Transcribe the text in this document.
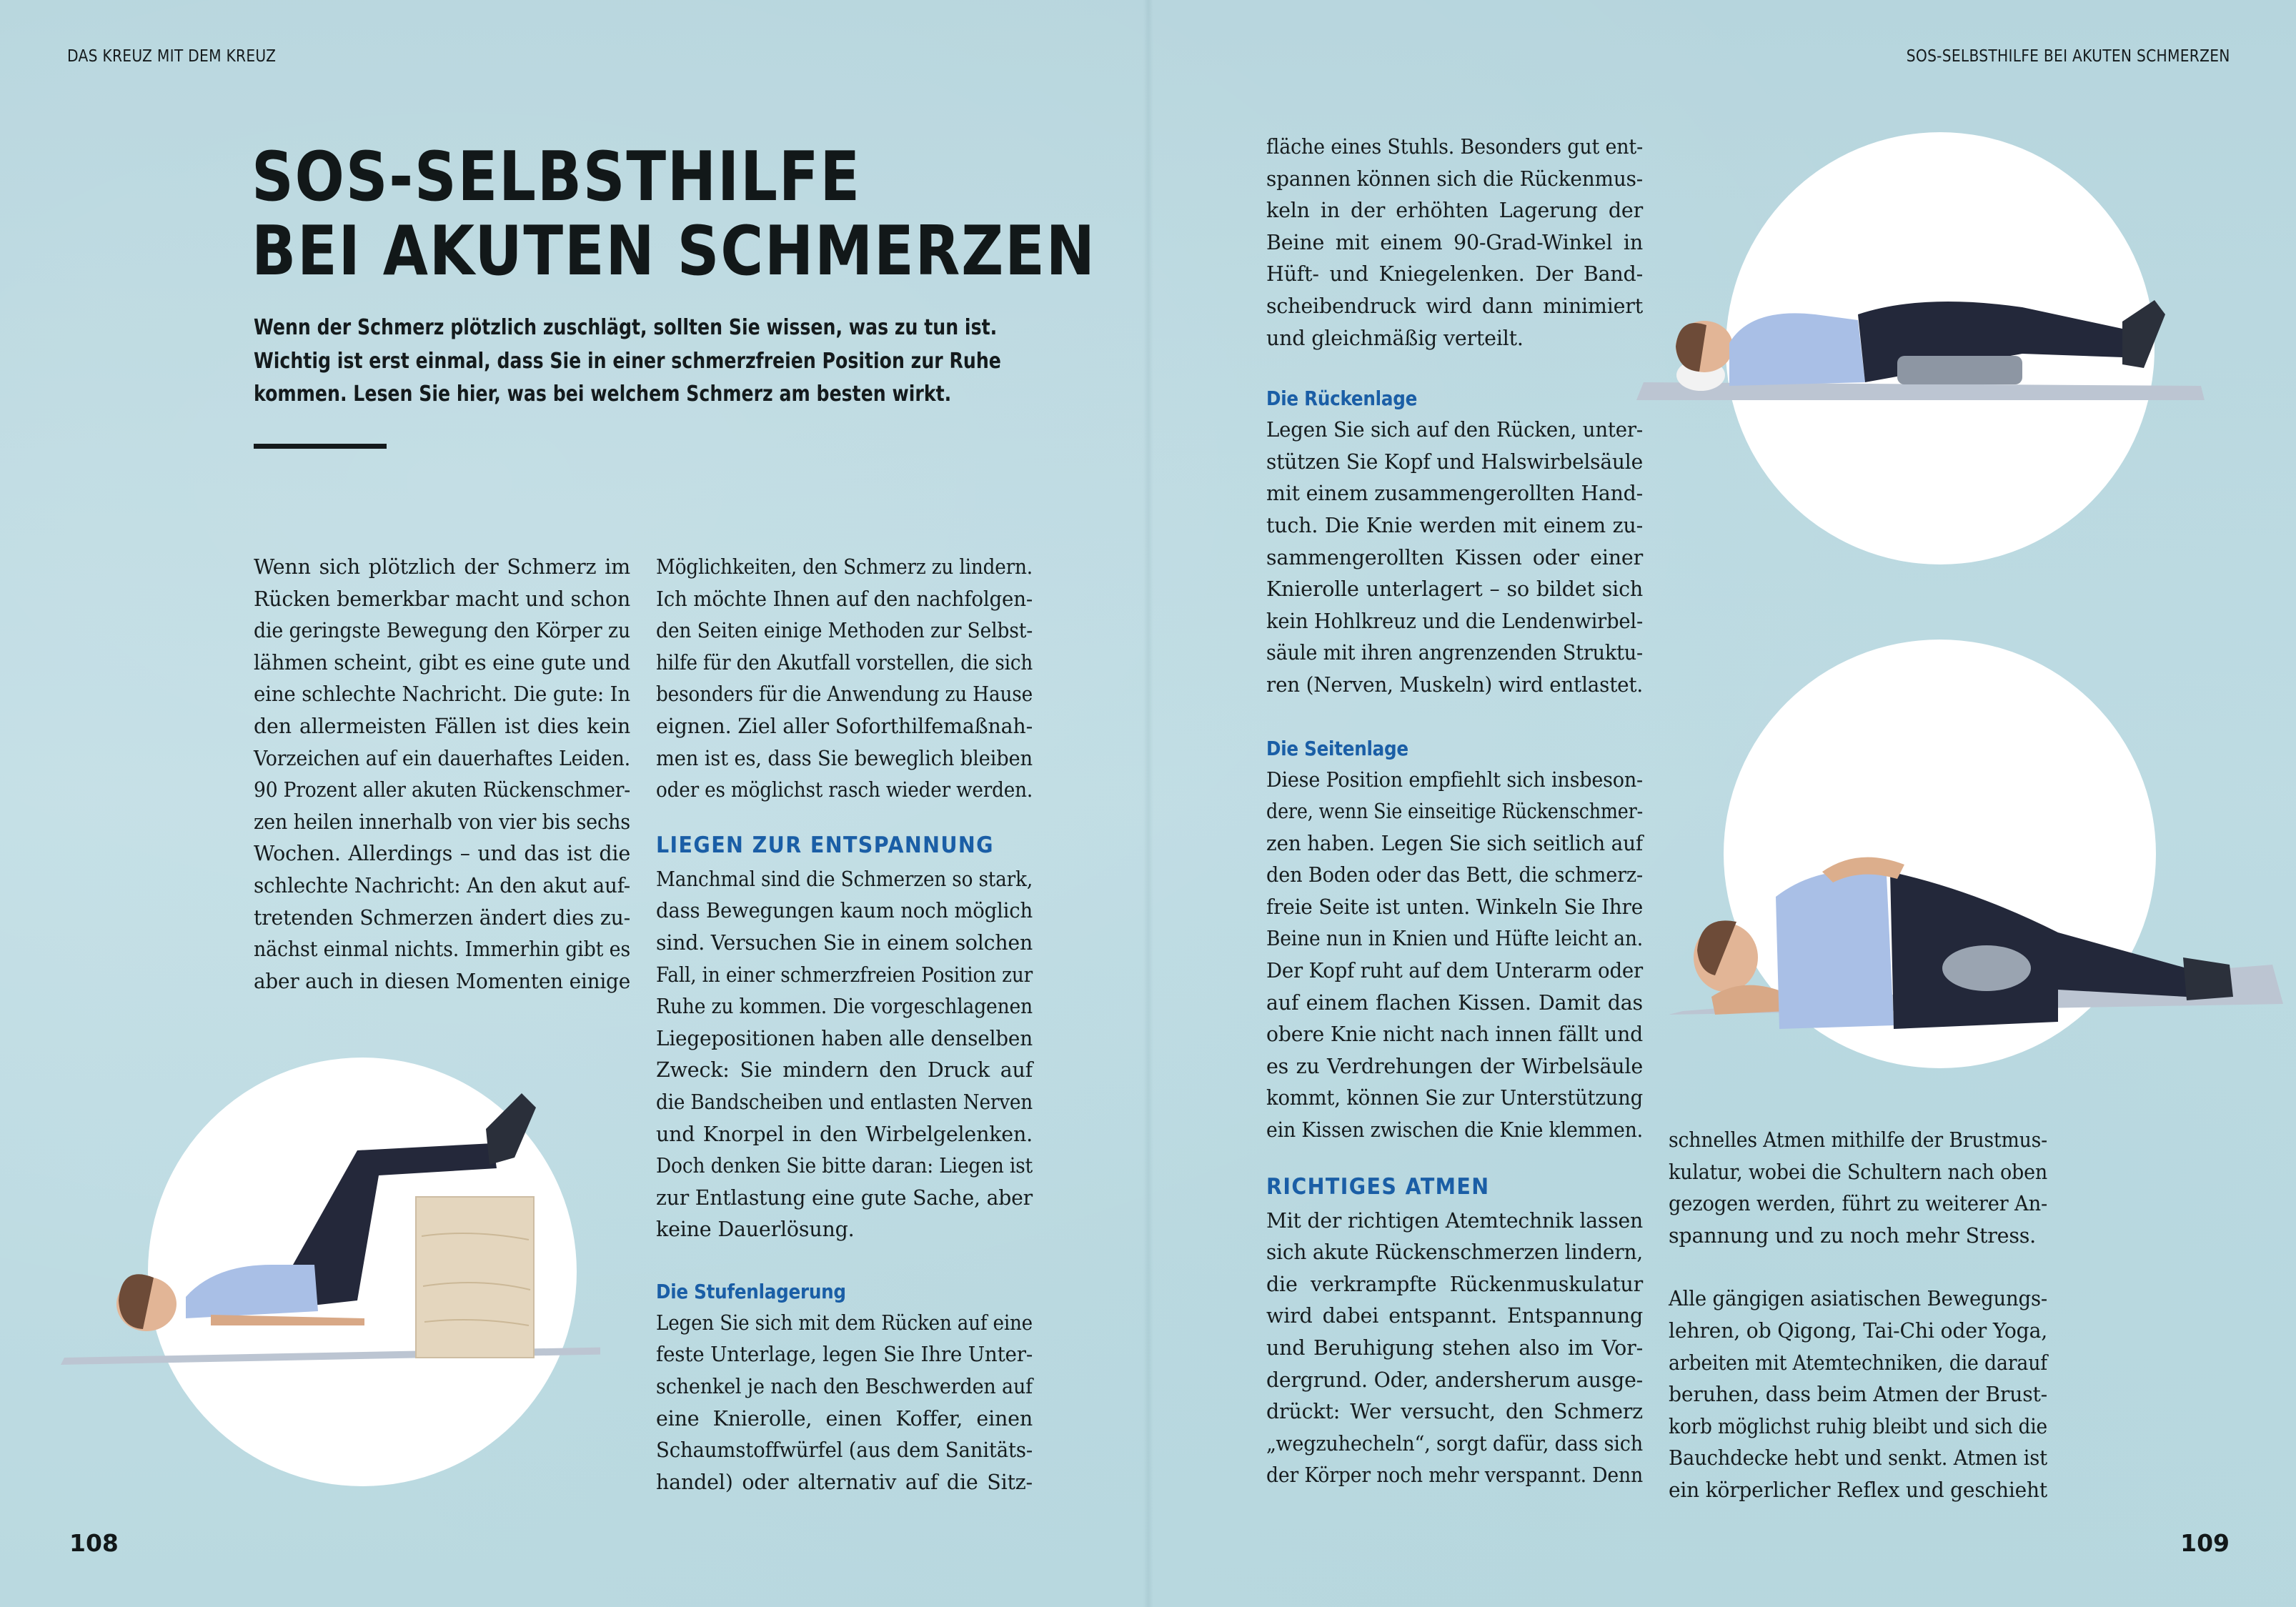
DAS KREUZ MIT DEM KREUZ	SOS-SELBSTHILFE BEI AKUTEN SCHMERZEN
SOS-SELBSTHILFE
BEI AKUTEN SCHMERZEN

Wenn der Schmerz plötzlich zuschlägt, sollten Sie wissen, was zu tun ist.
Wichtig ist erst einmal, dass Sie in einer schmerzfreien Position zur Ruhe
kommen. Lesen Sie hier, was bei welchem Schmerz am besten wirkt.

Wenn sich plötzlich der Schmerz im
Rücken bemerkbar macht und schon
die geringste Bewegung den Körper zu
lähmen scheint, gibt es eine gute und
eine schlechte Nachricht. Die gute: In
den allermeisten Fällen ist dies kein
Vorzeichen auf ein dauerhaftes Leiden.
90 Prozent aller akuten Rückenschmer-
zen heilen innerhalb von vier bis sechs
Wochen. Allerdings – und das ist die
schlechte Nachricht: An den akut auf-
tretenden Schmerzen ändert dies zu-
nächst einmal nichts. Immerhin gibt es
aber auch in diesen Momenten einige
Möglichkeiten, den Schmerz zu lindern.
Ich möchte Ihnen auf den nachfolgen-
den Seiten einige Methoden zur Selbst-
hilfe für den Akutfall vorstellen, die sich
besonders für die Anwendung zu Hause
eignen. Ziel aller Soforthilfemaßnah-
men ist es, dass Sie beweglich bleiben
oder es möglichst rasch wieder werden.
LIEGEN ZUR ENTSPANNUNG
Manchmal sind die Schmerzen so stark,
dass Bewegungen kaum noch möglich
sind. Versuchen Sie in einem solchen
Fall, in einer schmerzfreien Position zur
Ruhe zu kommen. Die vorgeschlagenen
Liegepositionen haben alle denselben
Zweck: Sie mindern den Druck auf
die Bandscheiben und entlasten Nerven
und Knorpel in den Wirbelgelenken.
Doch denken Sie bitte daran: Liegen ist
zur Entlastung eine gute Sache, aber
keine Dauerlösung.
Die Stufenlagerung
Legen Sie sich mit dem Rücken auf eine
feste Unterlage, legen Sie Ihre Unter-
schenkel je nach den Beschwerden auf
eine Knierolle, einen Koffer, einen
Schaumstoffwürfel (aus dem Sanitäts-
handel) oder alternativ auf die Sitz-
fläche eines Stuhls. Besonders gut ent-
spannen können sich die Rückenmus-
keln in der erhöhten Lagerung der
Beine mit einem 90-Grad-Winkel in
Hüft- und Kniegelenken. Der Band-
scheibendruck wird dann minimiert
und gleichmäßig verteilt.
Die Rückenlage
Legen Sie sich auf den Rücken, unter-
stützen Sie Kopf und Halswirbelsäule
mit einem zusammengerollten Hand-
tuch. Die Knie werden mit einem zu-
sammengerollten Kissen oder einer
Knierolle unterlagert – so bildet sich
kein Hohlkreuz und die Lendenwirbel-
säule mit ihren angrenzenden Struktu-
ren (Nerven, Muskeln) wird entlastet.
Die Seitenlage
Diese Position empfiehlt sich insbeson-
dere, wenn Sie einseitige Rückenschmer-
zen haben. Legen Sie sich seitlich auf
den Boden oder das Bett, die schmerz-
freie Seite ist unten. Winkeln Sie Ihre
Beine nun in Knien und Hüfte leicht an.
Der Kopf ruht auf dem Unterarm oder
auf einem flachen Kissen. Damit das
obere Knie nicht nach innen fällt und
es zu Verdrehungen der Wirbelsäule
kommt, können Sie zur Unterstützung
ein Kissen zwischen die Knie klemmen.
RICHTIGES ATMEN
Mit der richtigen Atemtechnik lassen
sich akute Rückenschmerzen lindern,
die verkrampfte Rückenmuskulatur
wird dabei entspannt. Entspannung
und Beruhigung stehen also im Vor-
dergrund. Oder, andersherum ausge-
drückt: Wer versucht, den Schmerz
„wegzuhecheln“, sorgt dafür, dass sich
der Körper noch mehr verspannt. Denn
schnelles Atmen mithilfe der Brustmus-
kulatur, wobei die Schultern nach oben
gezogen werden, führt zu weiterer An-
spannung und zu noch mehr Stress.
Alle gängigen asiatischen Bewegungs-
lehren, ob Qigong, Tai-Chi oder Yoga,
arbeiten mit Atemtechniken, die darauf
beruhen, dass beim Atmen der Brust-
korb möglichst ruhig bleibt und sich die
Bauchdecke hebt und senkt. Atmen ist
ein körperlicher Reflex und geschieht
108	109
